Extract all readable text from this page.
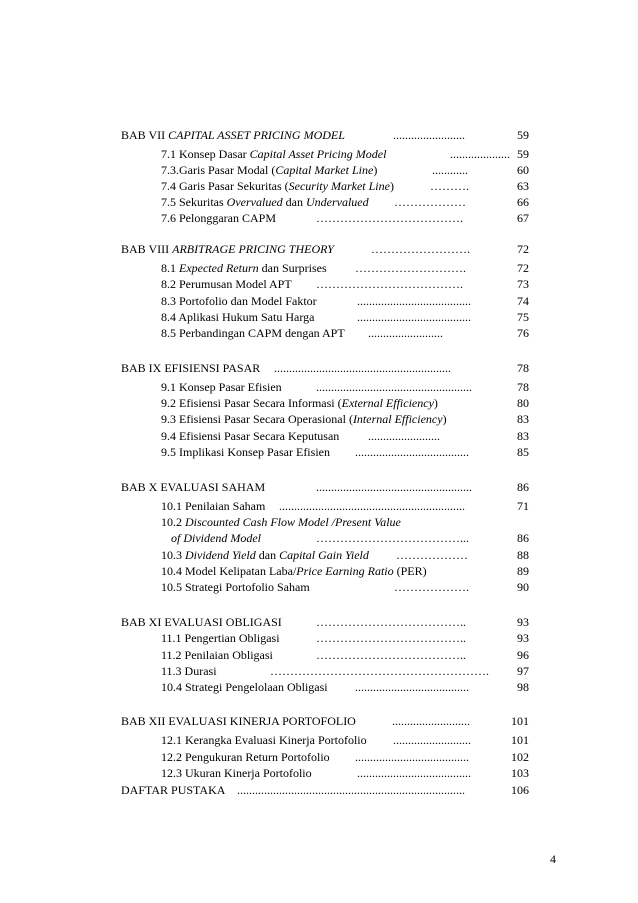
BAB VII CAPITAL ASSET PRICING MODEL	........................	59
7.1 Konsep Dasar Capital Asset Pricing Model	.................... 59
7.3.Garis Pasar Modal (Capital Market Line)	............	60
7.4 Garis Pasar Sekuritas (Security Market Line)	……….	63
7.5 Sekuritas Overvalued dan Undervalued ………………	66
7.6 Pelonggaran CAPM	……………………………….	67
BAB VIII ARBITRAGE PRICING THEORY	…………………….	72
8.1 Expected Return dan Surprises ……………………….	72
8.2 Perumusan Model APT ……………………………….	73
8.3 Portofolio dan Model Faktor	......................................	74
8.4 Aplikasi Hukum Satu Harga	......................................	75
8.5 Perbandingan CAPM dengan APT .........................	76
BAB IX EFISIENSI PASAR ...........................................................	78
9.1 Konsep Pasar Efisien	....................................................	78
9.2 Efisiensi Pasar Secara Informasi (External Efficiency)	80
9.3 Efisiensi Pasar Secara Operasional (Internal Efficiency)	83
9.4 Efisiensi Pasar Secara Keputusan ........................	83
9.5 Implikasi Konsep Pasar Efisien ......................................	85
BAB X EVALUASI SAHAM	....................................................	86
10.1 Penilaian Saham ..............................................................	71
10.2 Discounted Cash Flow Model /Present Value
of Dividend Model	………………………………...	86
10.3 Dividend Yield dan Capital Gain Yield ………………	88
10.4 Model Kelipatan Laba/Price Earning Ratio (PER)	89
10.5 Strategi Portofolio Saham	……………….	90
BAB XI EVALUASI OBLIGASI	………………………………..	93
11.1 Pengertian Obligasi	………………………………..	93
11.2 Penilaian Obligasi	………………………………..	96
11.3 Durasi	………………………………………………. 97
10.4 Strategi Pengelolaan Obligasi ......................................	98
BAB XII EVALUASI KINERJA PORTOFOLIO	..........................	101
12.1 Kerangka Evaluasi Kinerja Portofolio ..........................	101
12.2 Pengukuran Return Portofolio ......................................	102
12.3 Ukuran Kinerja Portofolio	......................................	103
DAFTAR PUSTAKA ............................................................................	106
4
